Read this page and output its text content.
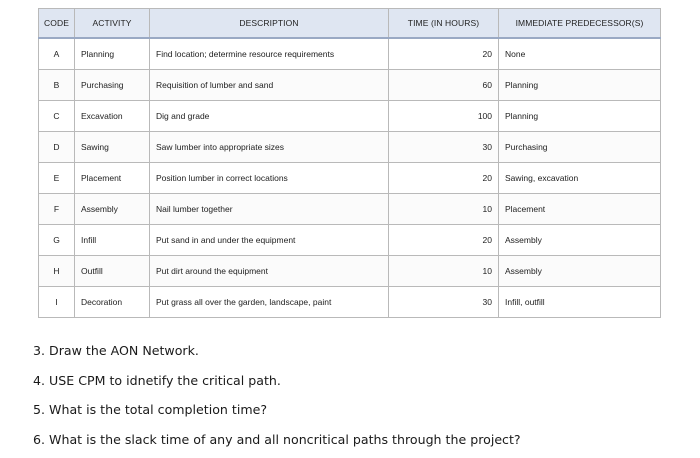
CODE	ACTIVITY	DESCRIPTION	TIME (IN HOURS)	IMMEDIATE PREDECESSOR(S)
A	Planning	Find location; determine resource requirements	20	None
B	Purchasing	Requisition of lumber and sand	60	Planning
C	Excavation	Dig and grade	100	Planning
D	Sawing	Saw lumber into appropriate sizes	30	Purchasing
E	Placement	Position lumber in correct locations	20	Sawing, excavation
F	Assembly	Nail lumber together	10	Placement
G	Infill	Put sand in and under the equipment	20	Assembly
H	Outfill	Put dirt around the equipment	10	Assembly
I	Decoration	Put grass all over the garden, landscape, paint	30	Infill, outfill
3. Draw the AON Network.
4. USE CPM to idnetify the critical path.
5. What is the total completion time?
6. What is the slack time of any and all noncritical paths through the project?
